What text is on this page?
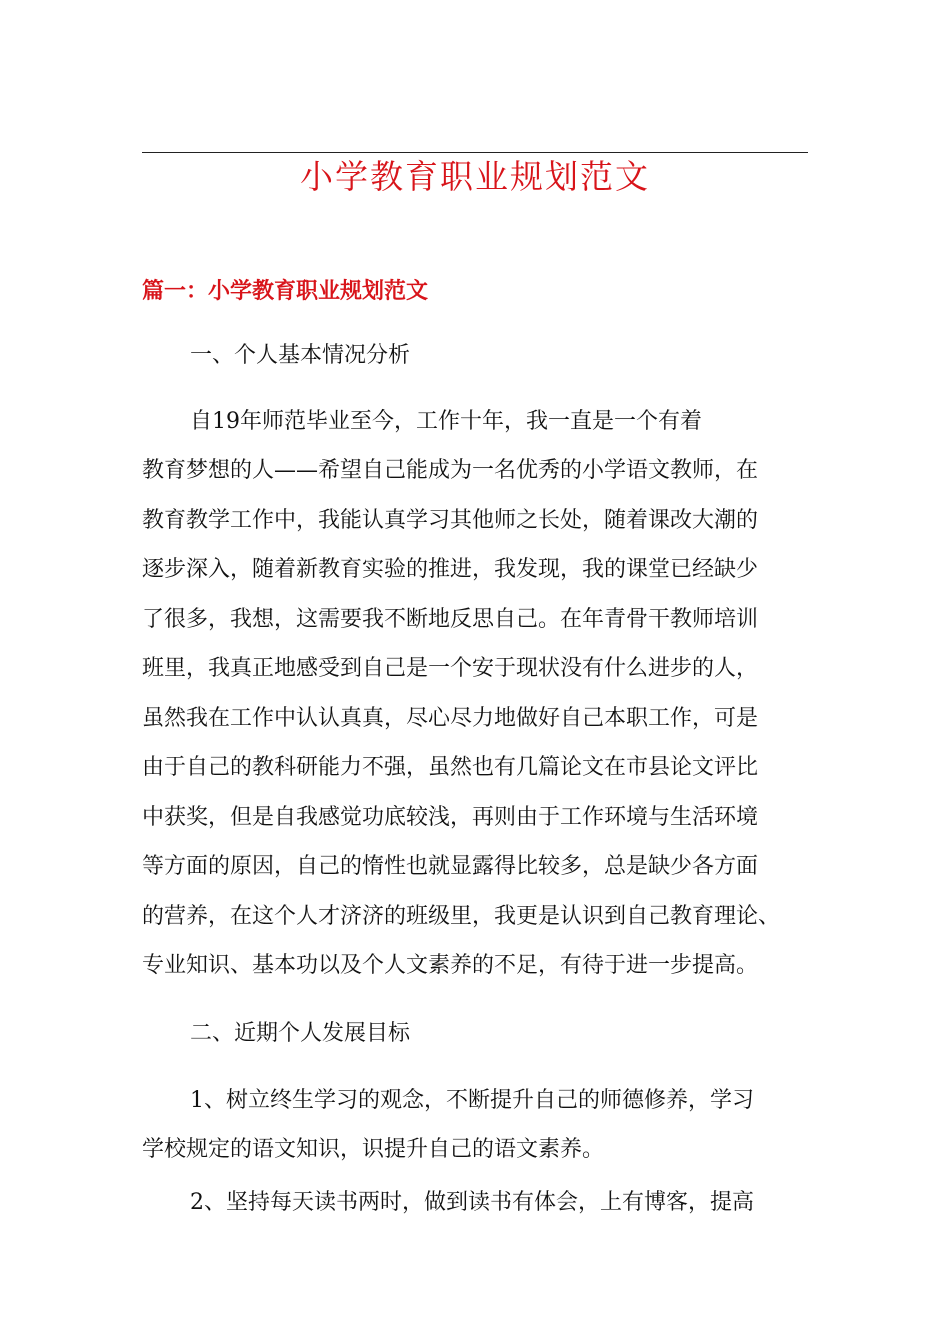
小学教育职业规划范文
篇一：小学教育职业规划范文
一、个人基本情况分析
自19年师范毕业至今，工作十年，我一直是一个有着
教育梦想的人——希望自己能成为一名优秀的小学语文教师，在
教育教学工作中，我能认真学习其他师之长处，随着课改大潮的
逐步深入，随着新教育实验的推进，我发现，我的课堂已经缺少
了很多，我想，这需要我不断地反思自己。在年青骨干教师培训
班里，我真正地感受到自己是一个安于现状没有什么进步的人，
虽然我在工作中认认真真，尽心尽力地做好自己本职工作，可是
由于自己的教科研能力不强，虽然也有几篇论文在市县论文评比
中获奖，但是自我感觉功底较浅，再则由于工作环境与生活环境
等方面的原因，自己的惰性也就显露得比较多，总是缺少各方面
的营养，在这个人才济济的班级里，我更是认识到自己教育理论、
专业知识、基本功以及个人文素养的不足，有待于进一步提高。
二、近期个人发展目标
1、树立终生学习的观念，不断提升自己的师德修养，学习
学校规定的语文知识，识提升自己的语文素养。
2、坚持每天读书两时，做到读书有体会，上有博客，提高
